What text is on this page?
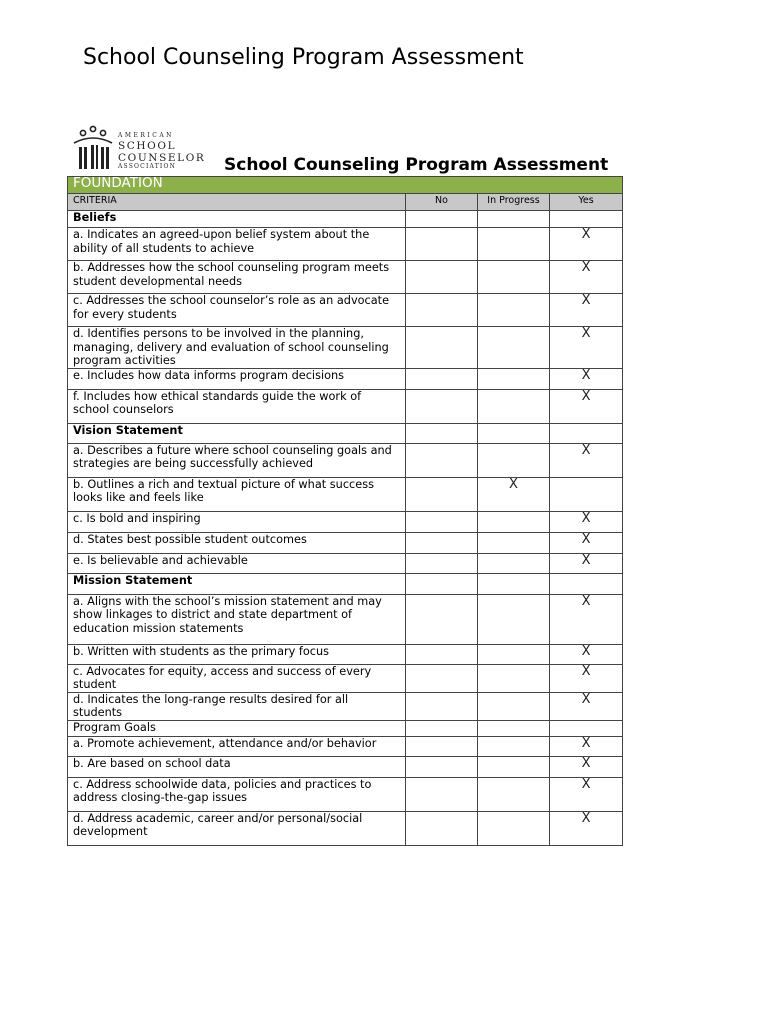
School Counseling Program Assessment
AMERICAN
SCHOOL
COUNSELOR
ASSOCIATION	School Counseling Program Assessment
FOUNDATION			
CRITERIA	No	In Progress	Yes
Beliefs			
a. Indicates an agreed-upon belief system about the ability of all students to achieve			X
b. Addresses how the school counseling program meets student developmental needs			X
c. Addresses the school counselor’s role as an advocate for every students			X
d. Identifies persons to be involved in the planning, managing, delivery and evaluation of school counseling program activities			X
e. Includes how data informs program decisions			X
f. Includes how ethical standards guide the work of school counselors			X
Vision Statement			
a. Describes a future where school counseling goals and strategies are being successfully achieved			X
b. Outlines a rich and textual picture of what success looks like and feels like		X	
c. Is bold and inspiring			X
d. States best possible student outcomes			X
e. Is believable and achievable			X
Mission Statement			
a. Aligns with the school’s mission statement and may show linkages to district and state department of education mission statements			X
b. Written with students as the primary focus			X
c. Advocates for equity, access and success of every student			X
d. Indicates the long-range results desired for all students			X
Program Goals			
a. Promote achievement, attendance and/or behavior			X
b. Are based on school data			X
c. Address schoolwide data, policies and practices to address closing-the-gap issues			X
d. Address academic, career and/or personal/social development			X
